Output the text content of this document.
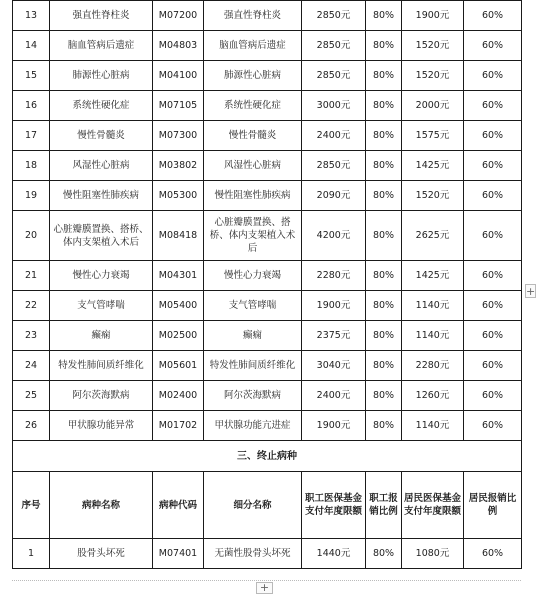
13	强直性脊柱炎	M07200	强直性脊柱炎	2850元	80%	1900元	60%
14	脑血管病后遗症	M04803	脑血管病后遗症	2850元	80%	1520元	60%
15	肺源性心脏病	M04100	肺源性心脏病	2850元	80%	1520元	60%
16	系统性硬化症	M07105	系统性硬化症	3000元	80%	2000元	60%
17	慢性骨髓炎	M07300	慢性骨髓炎	2400元	80%	1575元	60%
18	风湿性心脏病	M03802	风湿性心脏病	2850元	80%	1425元	60%
19	慢性阻塞性肺疾病	M05300	慢性阻塞性肺疾病	2090元	80%	1520元	60%
20	心脏瓣膜置换、搭桥、体内支架植入术后	M08418	心脏瓣膜置换、搭桥、体内支架植入术后	4200元	80%	2625元	60%
21	慢性心力衰竭	M04301	慢性心力衰竭	2280元	80%	1425元	60%
22	支气管哮喘	M05400	支气管哮喘	1900元	80%	1140元	60%
23	癫痫	M02500	癫痫	2375元	80%	1140元	60%
24	特发性肺间质纤维化	M05601	特发性肺间质纤维化	3040元	80%	2280元	60%
25	阿尔茨海默病	M02400	阿尔茨海默病	2400元	80%	1260元	60%
26	甲状腺功能异常	M01702	甲状腺功能亢进症	1900元	80%	1140元	60%
三、终止病种							
序号	病种名称	病种代码	细分名称	职工医保基金支付年度限额	职工报销比例	居民医保基金支付年度限额	居民报销比例
1	股骨头坏死	M07401	无菌性股骨头坏死	1440元	80%	1080元	60%
+
+
